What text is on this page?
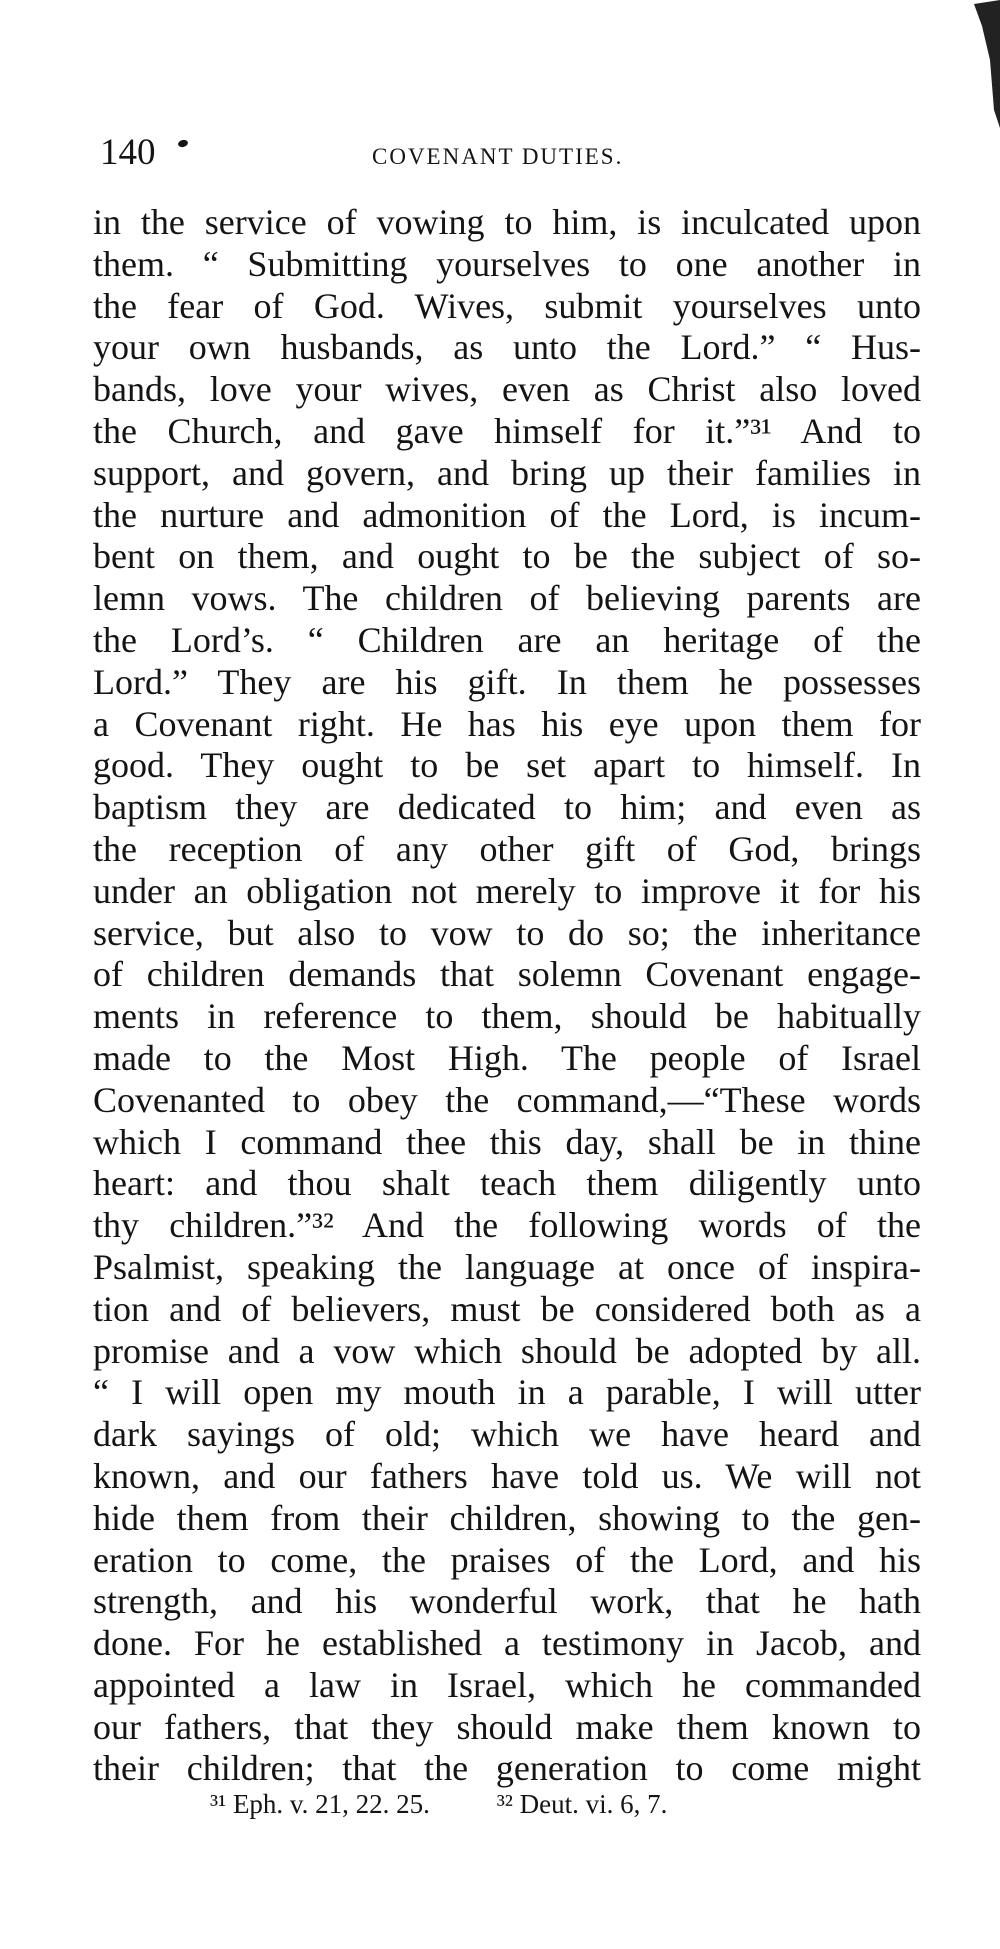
140	COVENANT DUTIES.
in the service of vowing to him, is inculcated upon
them. “ Submitting yourselves to one another in
the fear of God. Wives, submit yourselves unto
your own husbands, as unto the Lord.” “ Hus-
bands, love your wives, even as Christ also loved
the Church, and gave himself for it.”³¹ And to
support, and govern, and bring up their families in
the nurture and admonition of the Lord, is incum-
bent on them, and ought to be the subject of so-
lemn vows. The children of believing parents are
the Lord’s. “ Children are an heritage of the
Lord.” They are his gift. In them he possesses
a Covenant right. He has his eye upon them for
good. They ought to be set apart to himself. In
baptism they are dedicated to him; and even as
the reception of any other gift of God, brings
under an obligation not merely to improve it for his
service, but also to vow to do so; the inheritance
of children demands that solemn Covenant engage-
ments in reference to them, should be habitually
made to the Most High. The people of Israel
Covenanted to obey the command,—“These words
which I command thee this day, shall be in thine
heart: and thou shalt teach them diligently unto
thy children.”³² And the following words of the
Psalmist, speaking the language at once of inspira-
tion and of believers, must be considered both as a
promise and a vow which should be adopted by all.
“ I will open my mouth in a parable, I will utter
dark sayings of old; which we have heard and
known, and our fathers have told us. We will not
hide them from their children, showing to the gen-
eration to come, the praises of the Lord, and his
strength, and his wonderful work, that he hath
done. For he established a testimony in Jacob, and
appointed a law in Israel, which he commanded
our fathers, that they should make them known to
their children; that the generation to come might
³¹ Eph. v. 21, 22. 25. ³² Deut. vi. 6, 7.
